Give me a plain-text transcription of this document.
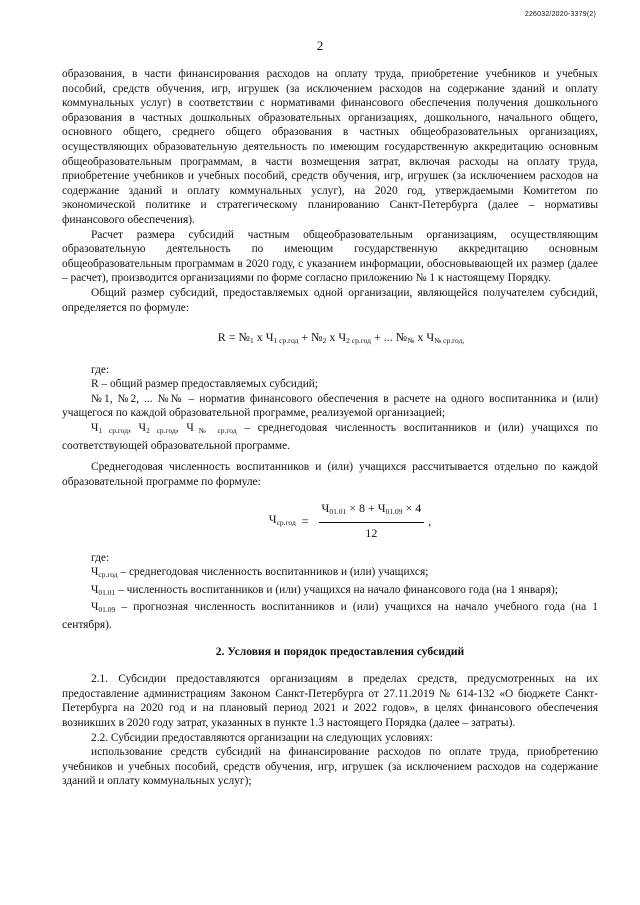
226032/2020-3379(2)
2

образования, в части финансирования расходов на оплату труда, приобретение учебников и учебных пособий, средств обучения, игр, игрушек (за исключением расходов на содержание зданий и оплату коммунальных услуг) в соответствии с нормативами финансового обеспечения получения дошкольного образования в частных дошкольных образовательных организациях, дошкольного, начального общего, основного общего, среднего общего образования в частных общеобразовательных организациях, осуществляющих образовательную деятельность по имеющим государственную аккредитацию основным общеобразовательным программам, в части возмещения затрат, включая расходы на оплату труда, приобретение учебников и учебных пособий, средств обучения, игр, игрушек (за исключением расходов на содержание зданий и оплату коммунальных услуг), на 2020 год, утверждаемыми Комитетом по экономической политике и стратегическому планированию Санкт-Петербурга (далее – нормативы финансового обеспечения).

Расчет размера субсидий частным общеобразовательным организациям, осуществляющим образовательную деятельность по имеющим государственную аккредитацию основным общеобразовательным программам в 2020 году, с указанием информации, обосновывающей их размер (далее – расчет), производится организациями по форме согласно приложению № 1 к настоящему Порядку.

Общий размер субсидий, предоставляемых одной организации, являющейся получателем субсидий, определяется по формуле:

$R = №_1$ x $Ч_{1 ср.год}$ + $№_2$ x $Ч_{2 ср.год}$ + ... $№_№$ x $Ч_{№ ср.год,}$

где:

R – общий размер предоставляемых субсидий;

№1, №2, ... №№ – норматив финансового обеспечения в расчете на одного воспитанника и (или) учащегося по каждой образовательной программе, реализуемой организацией;

$Ч_{1 ср.год}$, $Ч_{2 ср.год}$, $Ч_{№ ср.год}$ – среднегодовая численность воспитанников и (или) учащихся по соответствующей образовательной программе.

Среднегодовая численность воспитанников и (или) учащихся рассчитывается отдельно по каждой образовательной программе по формуле:

$Ч_{ср.год} = \frac{Ч_{01.01} \times 8 + Ч_{01.09} \times 4}{12}$ ,

где:

$Ч_{ср.год}$ – среднегодовая численность воспитанников и (или) учащихся;

$Ч_{01.01}$ – численность воспитанников и (или) учащихся на начало финансового года (на 1 января);

$Ч_{01.09}$ – прогнозная численность воспитанников и (или) учащихся на начало учебного года (на 1 сентября).

2. Условия и порядок предоставления субсидий

2.1. Субсидии предоставляются организациям в пределах средств, предусмотренных на их предоставление администрациям Законом Санкт-Петербурга от 27.11.2019 № 614-132 «О бюджете Санкт-Петербурга на 2020 год и на плановый период 2021 и 2022 годов», в целях финансового обеспечения возникших в 2020 году затрат, указанных в пункте 1.3 настоящего Порядка (далее – затраты).

2.2. Субсидии предоставляются организации на следующих условиях:

использование средств субсидий на финансирование расходов по оплате труда, приобретению учебников и учебных пособий, средств обучения, игр, игрушек (за исключением расходов на содержание зданий и оплату коммунальных услуг);
